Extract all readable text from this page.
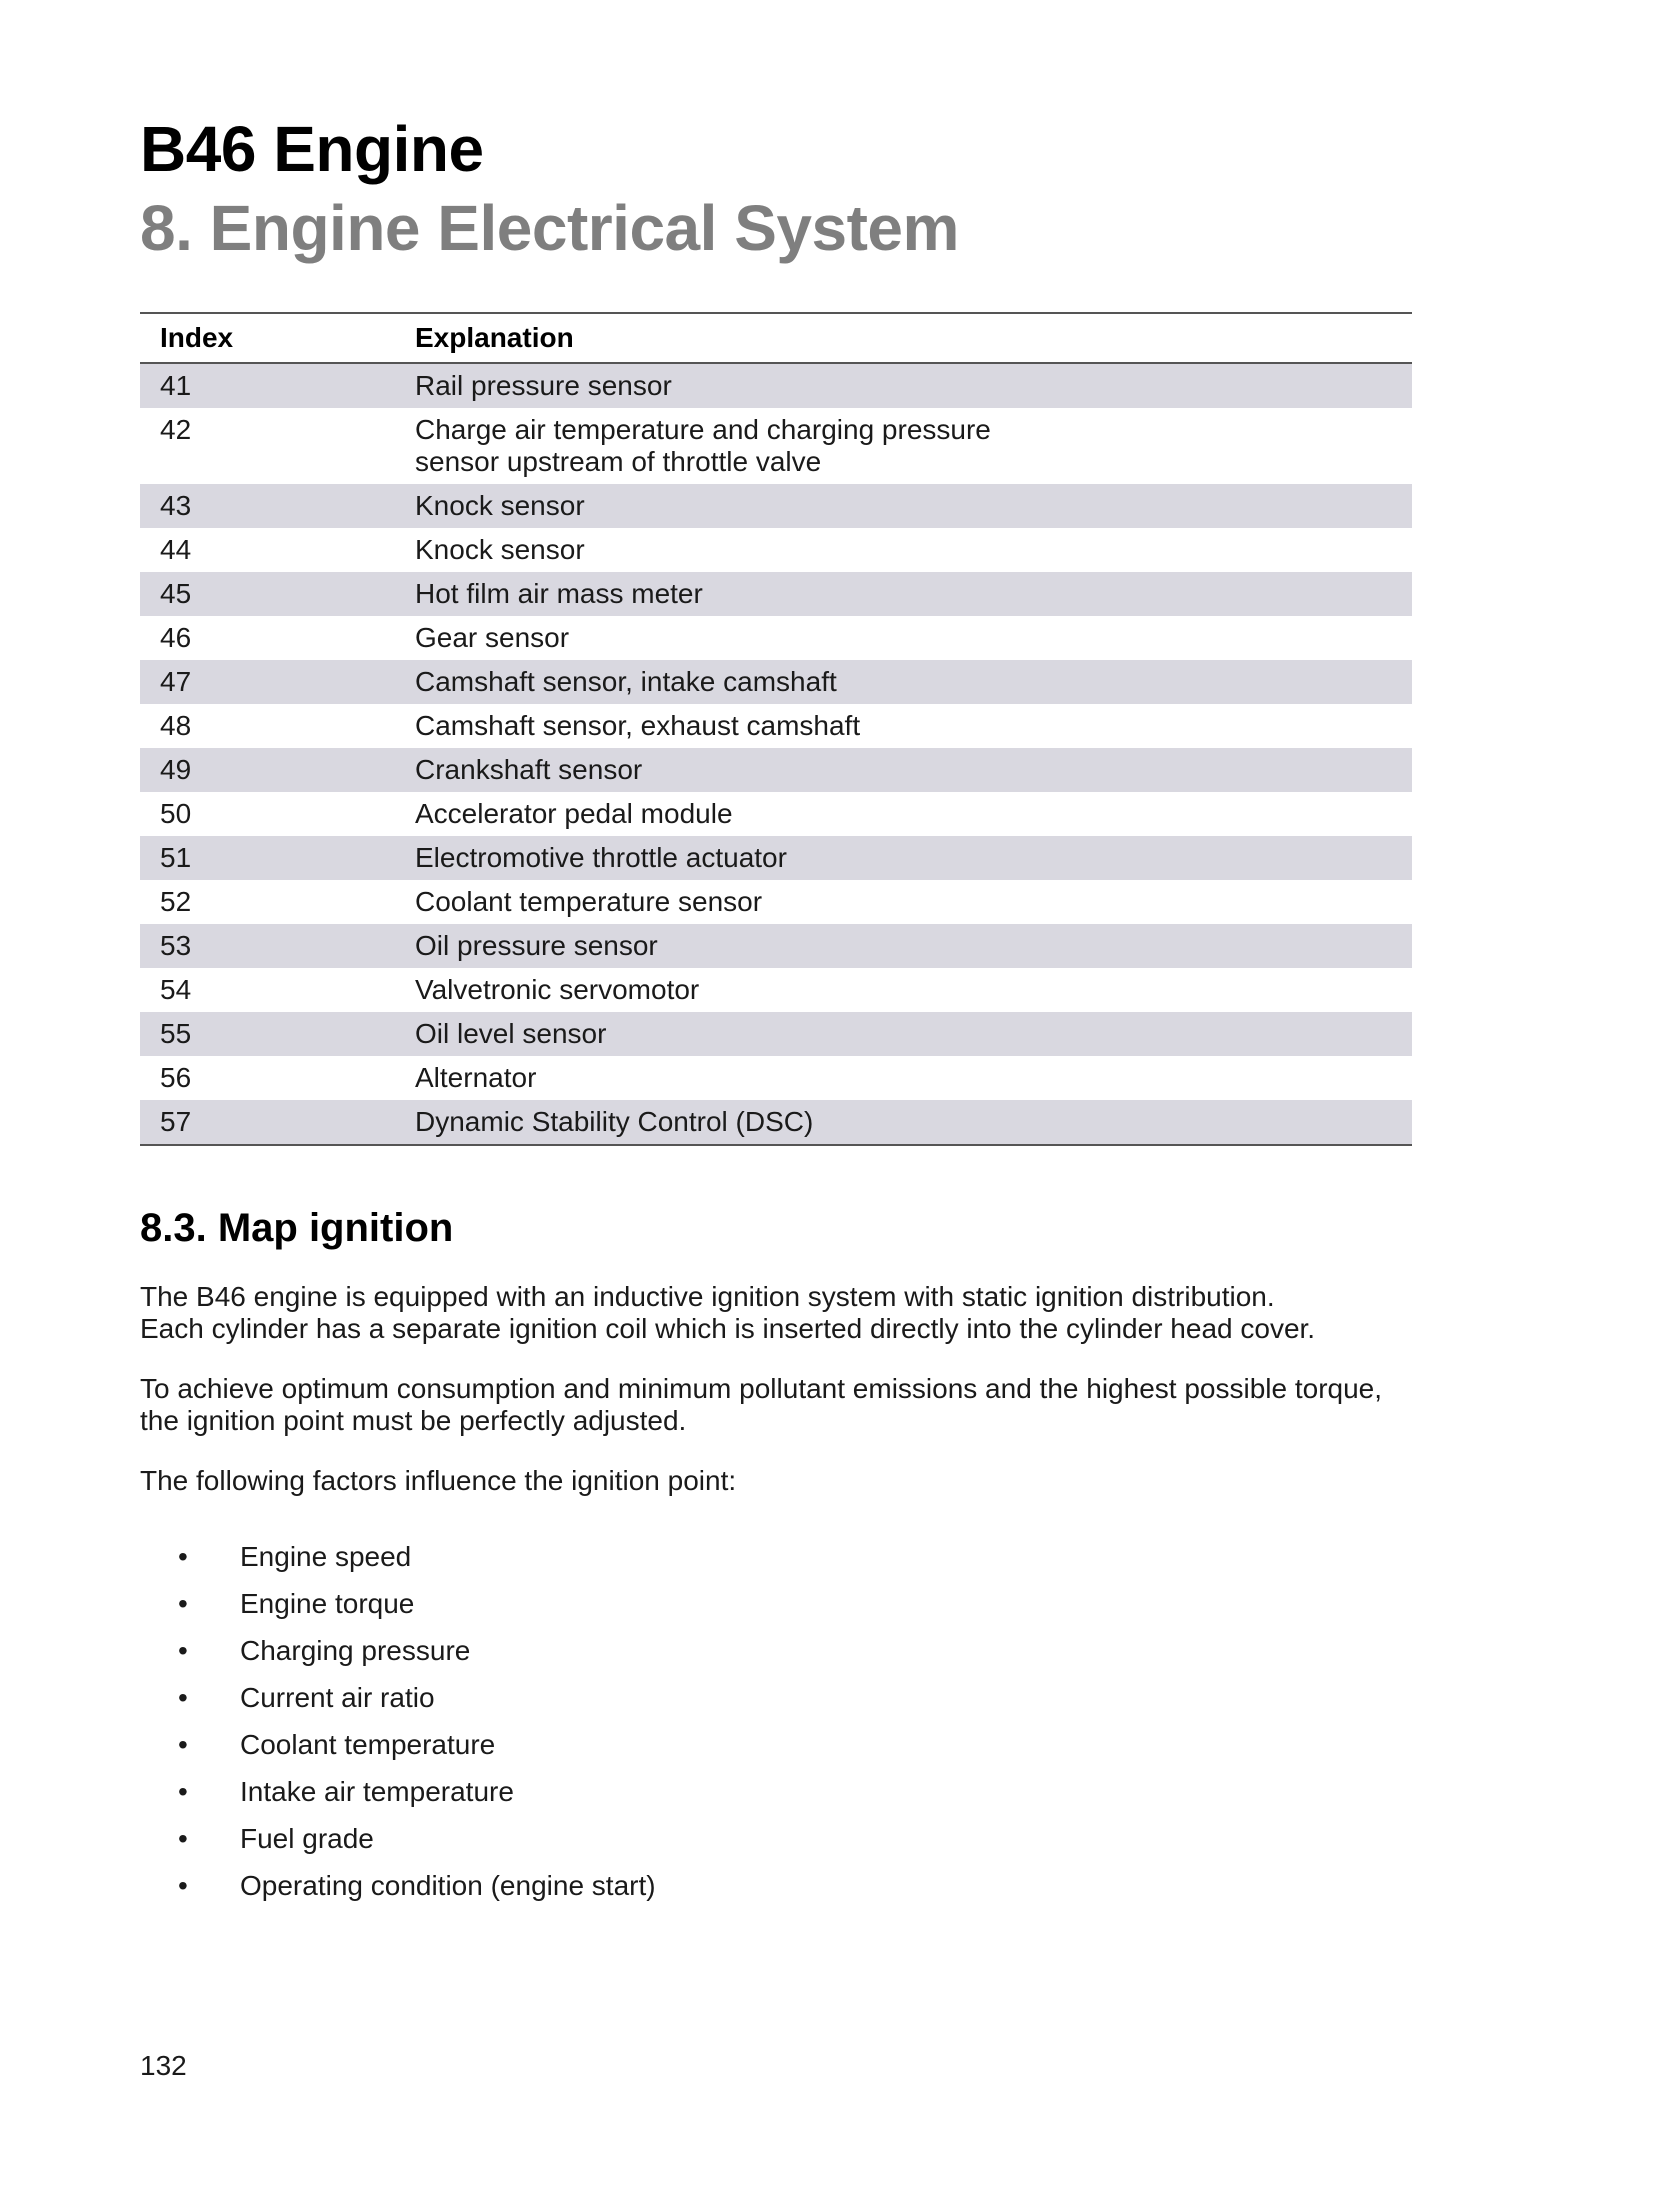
B46 Engine
8. Engine Electrical System
Index	Explanation
41	Rail pressure sensor
42	Charge air temperature and charging pressure
sensor upstream of throttle valve
43	Knock sensor
44	Knock sensor
45	Hot film air mass meter
46	Gear sensor
47	Camshaft sensor, intake camshaft
48	Camshaft sensor, exhaust camshaft
49	Crankshaft sensor
50	Accelerator pedal module
51	Electromotive throttle actuator
52	Coolant temperature sensor
53	Oil pressure sensor
54	Valvetronic servomotor
55	Oil level sensor
56	Alternator
57	Dynamic Stability Control (DSC)
8.3. Map ignition

The B46 engine is equipped with an inductive ignition system with static ignition distribution.
Each cylinder has a separate ignition coil which is inserted directly into the cylinder head cover.

To achieve optimum consumption and minimum pollutant emissions and the highest possible torque,
the ignition point must be perfectly adjusted.

The following factors influence the ignition point:

• Engine speed
• Engine torque
• Charging pressure
• Current air ratio
• Coolant temperature
• Intake air temperature
• Fuel grade
• Operating condition (engine start)
132
